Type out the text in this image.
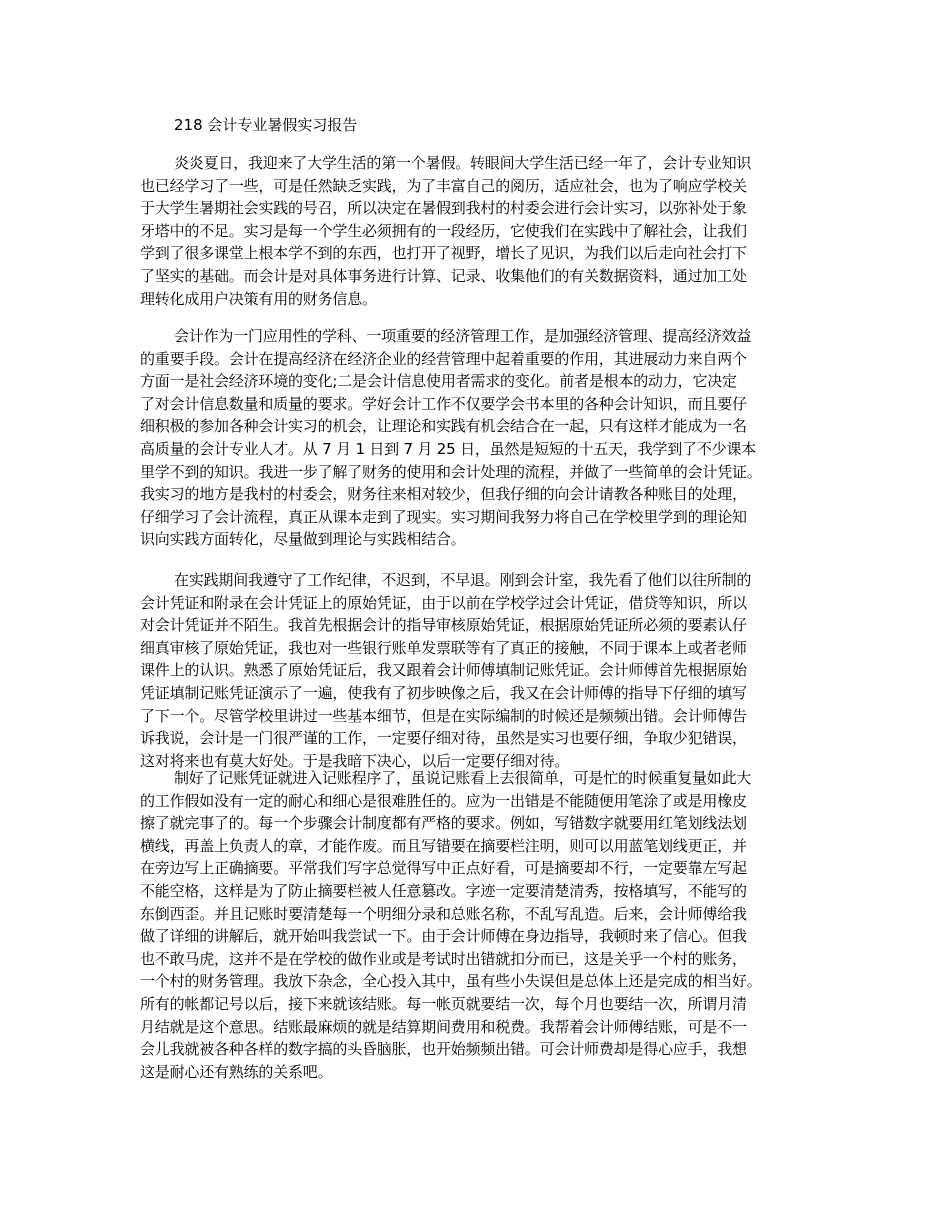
218 会计专业暑假实习报告
炎炎夏日，我迎来了大学生活的第一个暑假。转眼间大学生活已经一年了，会计专业知识
也已经学习了一些，可是任然缺乏实践，为了丰富自己的阅历，适应社会，也为了响应学校关
于大学生暑期社会实践的号召，所以决定在暑假到我村的村委会进行会计实习，以弥补处于象
牙塔中的不足。实习是每一个学生必须拥有的一段经历，它使我们在实践中了解社会，让我们
学到了很多课堂上根本学不到的东西，也打开了视野，增长了见识，为我们以后走向社会打下
了坚实的基础。而会计是对具体事务进行计算、记录、收集他们的有关数据资料，通过加工处
理转化成用户决策有用的财务信息。
会计作为一门应用性的学科、一项重要的经济管理工作，是加强经济管理、提高经济效益
的重要手段。会计在提高经济在经济企业的经营管理中起着重要的作用，其进展动力来自两个
方面一是社会经济环境的变化;二是会计信息使用者需求的变化。前者是根本的动力，它决定
了对会计信息数量和质量的要求。学好会计工作不仅要学会书本里的各种会计知识，而且要仔
细积极的参加各种会计实习的机会，让理论和实践有机会结合在一起，只有这样才能成为一名
高质量的会计专业人才。从 7 月 1 日到 7 月 25 日，虽然是短短的十五天，我学到了不少课本
里学不到的知识。我进一步了解了财务的使用和会计处理的流程，并做了一些简单的会计凭证。
我实习的地方是我村的村委会，财务往来相对较少，但我仔细的向会计请教各种账目的处理，
仔细学习了会计流程，真正从课本走到了现实。实习期间我努力将自己在学校里学到的理论知
识向实践方面转化，尽量做到理论与实践相结合。
在实践期间我遵守了工作纪律，不迟到，不早退。刚到会计室，我先看了他们以往所制的
会计凭证和附录在会计凭证上的原始凭证，由于以前在学校学过会计凭证，借贷等知识，所以
对会计凭证并不陌生。我首先根据会计的指导审核原始凭证，根据原始凭证所必须的要素认仔
细真审核了原始凭证，我也对一些银行账单发票联等有了真正的接触，不同于课本上或者老师
课件上的认识。熟悉了原始凭证后，我又跟着会计师傅填制记账凭证。会计师傅首先根据原始
凭证填制记账凭证演示了一遍，使我有了初步映像之后，我又在会计师傅的指导下仔细的填写
了下一个。尽管学校里讲过一些基本细节，但是在实际编制的时候还是频频出错。会计师傅告
诉我说，会计是一门很严谨的工作，一定要仔细对待，虽然是实习也要仔细，争取少犯错误，
这对将来也有莫大好处。于是我暗下决心，以后一定要仔细对待。
制好了记账凭证就进入记账程序了，虽说记账看上去很简单，可是忙的时候重复量如此大
的工作假如没有一定的耐心和细心是很难胜任的。应为一出错是不能随便用笔涂了或是用橡皮
擦了就完事了的。每一个步骤会计制度都有严格的要求。例如，写错数字就要用红笔划线法划
横线，再盖上负责人的章，才能作废。而且写错要在摘要栏注明，则可以用蓝笔划线更正，并
在旁边写上正确摘要。平常我们写字总觉得写中正点好看，可是摘要却不行，一定要靠左写起
不能空格，这样是为了防止摘要栏被人任意篡改。字迹一定要清楚清秀，按格填写，不能写的
东倒西歪。并且记账时要清楚每一个明细分录和总账名称，不乱写乱造。后来，会计师傅给我
做了详细的讲解后，就开始叫我尝试一下。由于会计师傅在身边指导，我顿时来了信心。但我
也不敢马虎，这并不是在学校的做作业或是考试时出错就扣分而已，这是关乎一个村的账务，
一个村的财务管理。我放下杂念，全心投入其中，虽有些小失误但是总体上还是完成的相当好。
所有的帐都记号以后，接下来就该结账。每一帐页就要结一次，每个月也要结一次，所谓月清
月结就是这个意思。结账最麻烦的就是结算期间费用和税费。我帮着会计师傅结账，可是不一
会儿我就被各种各样的数字搞的头昏脑胀，也开始频频出错。可会计师费却是得心应手，我想
这是耐心还有熟练的关系吧。
